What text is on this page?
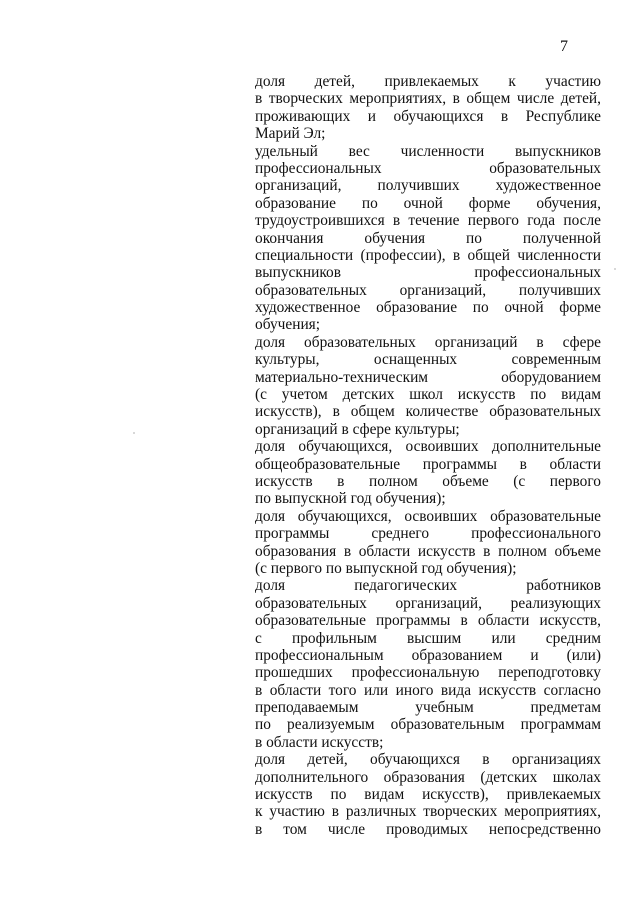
7
доля детей, привлекаемых к участию
в творческих мероприятиях, в общем числе детей,
проживающих и обучающихся в Республике
Марий Эл;
удельный вес численности выпускников
профессиональных образовательных
организаций, получивших художественное
образование по очной форме обучения,
трудоустроившихся в течение первого года после
окончания обучения по полученной
специальности (профессии), в общей численности
выпускников профессиональных
образовательных организаций, получивших
художественное образование по очной форме
обучения;
доля образовательных организаций в сфере
культуры, оснащенных современным
материально-техническим оборудованием
(с учетом детских школ искусств по видам
искусств), в общем количестве образовательных
организаций в сфере культуры;
доля обучающихся, освоивших дополнительные
общеобразовательные программы в области
искусств в полном объеме (с первого
по выпускной год обучения);
доля обучающихся, освоивших образовательные
программы среднего профессионального
образования в области искусств в полном объеме
(с первого по выпускной год обучения);
доля педагогических работников
образовательных организаций, реализующих
образовательные программы в области искусств,
с профильным высшим или средним
профессиональным образованием и (или)
прошедших профессиональную переподготовку
в области того или иного вида искусств согласно
преподаваемым учебным предметам
по реализуемым образовательным программам
в области искусств;
доля детей, обучающихся в организациях
дополнительного образования (детских школах
искусств по видам искусств), привлекаемых
к участию в различных творческих мероприятиях,
в том числе проводимых непосредственно
